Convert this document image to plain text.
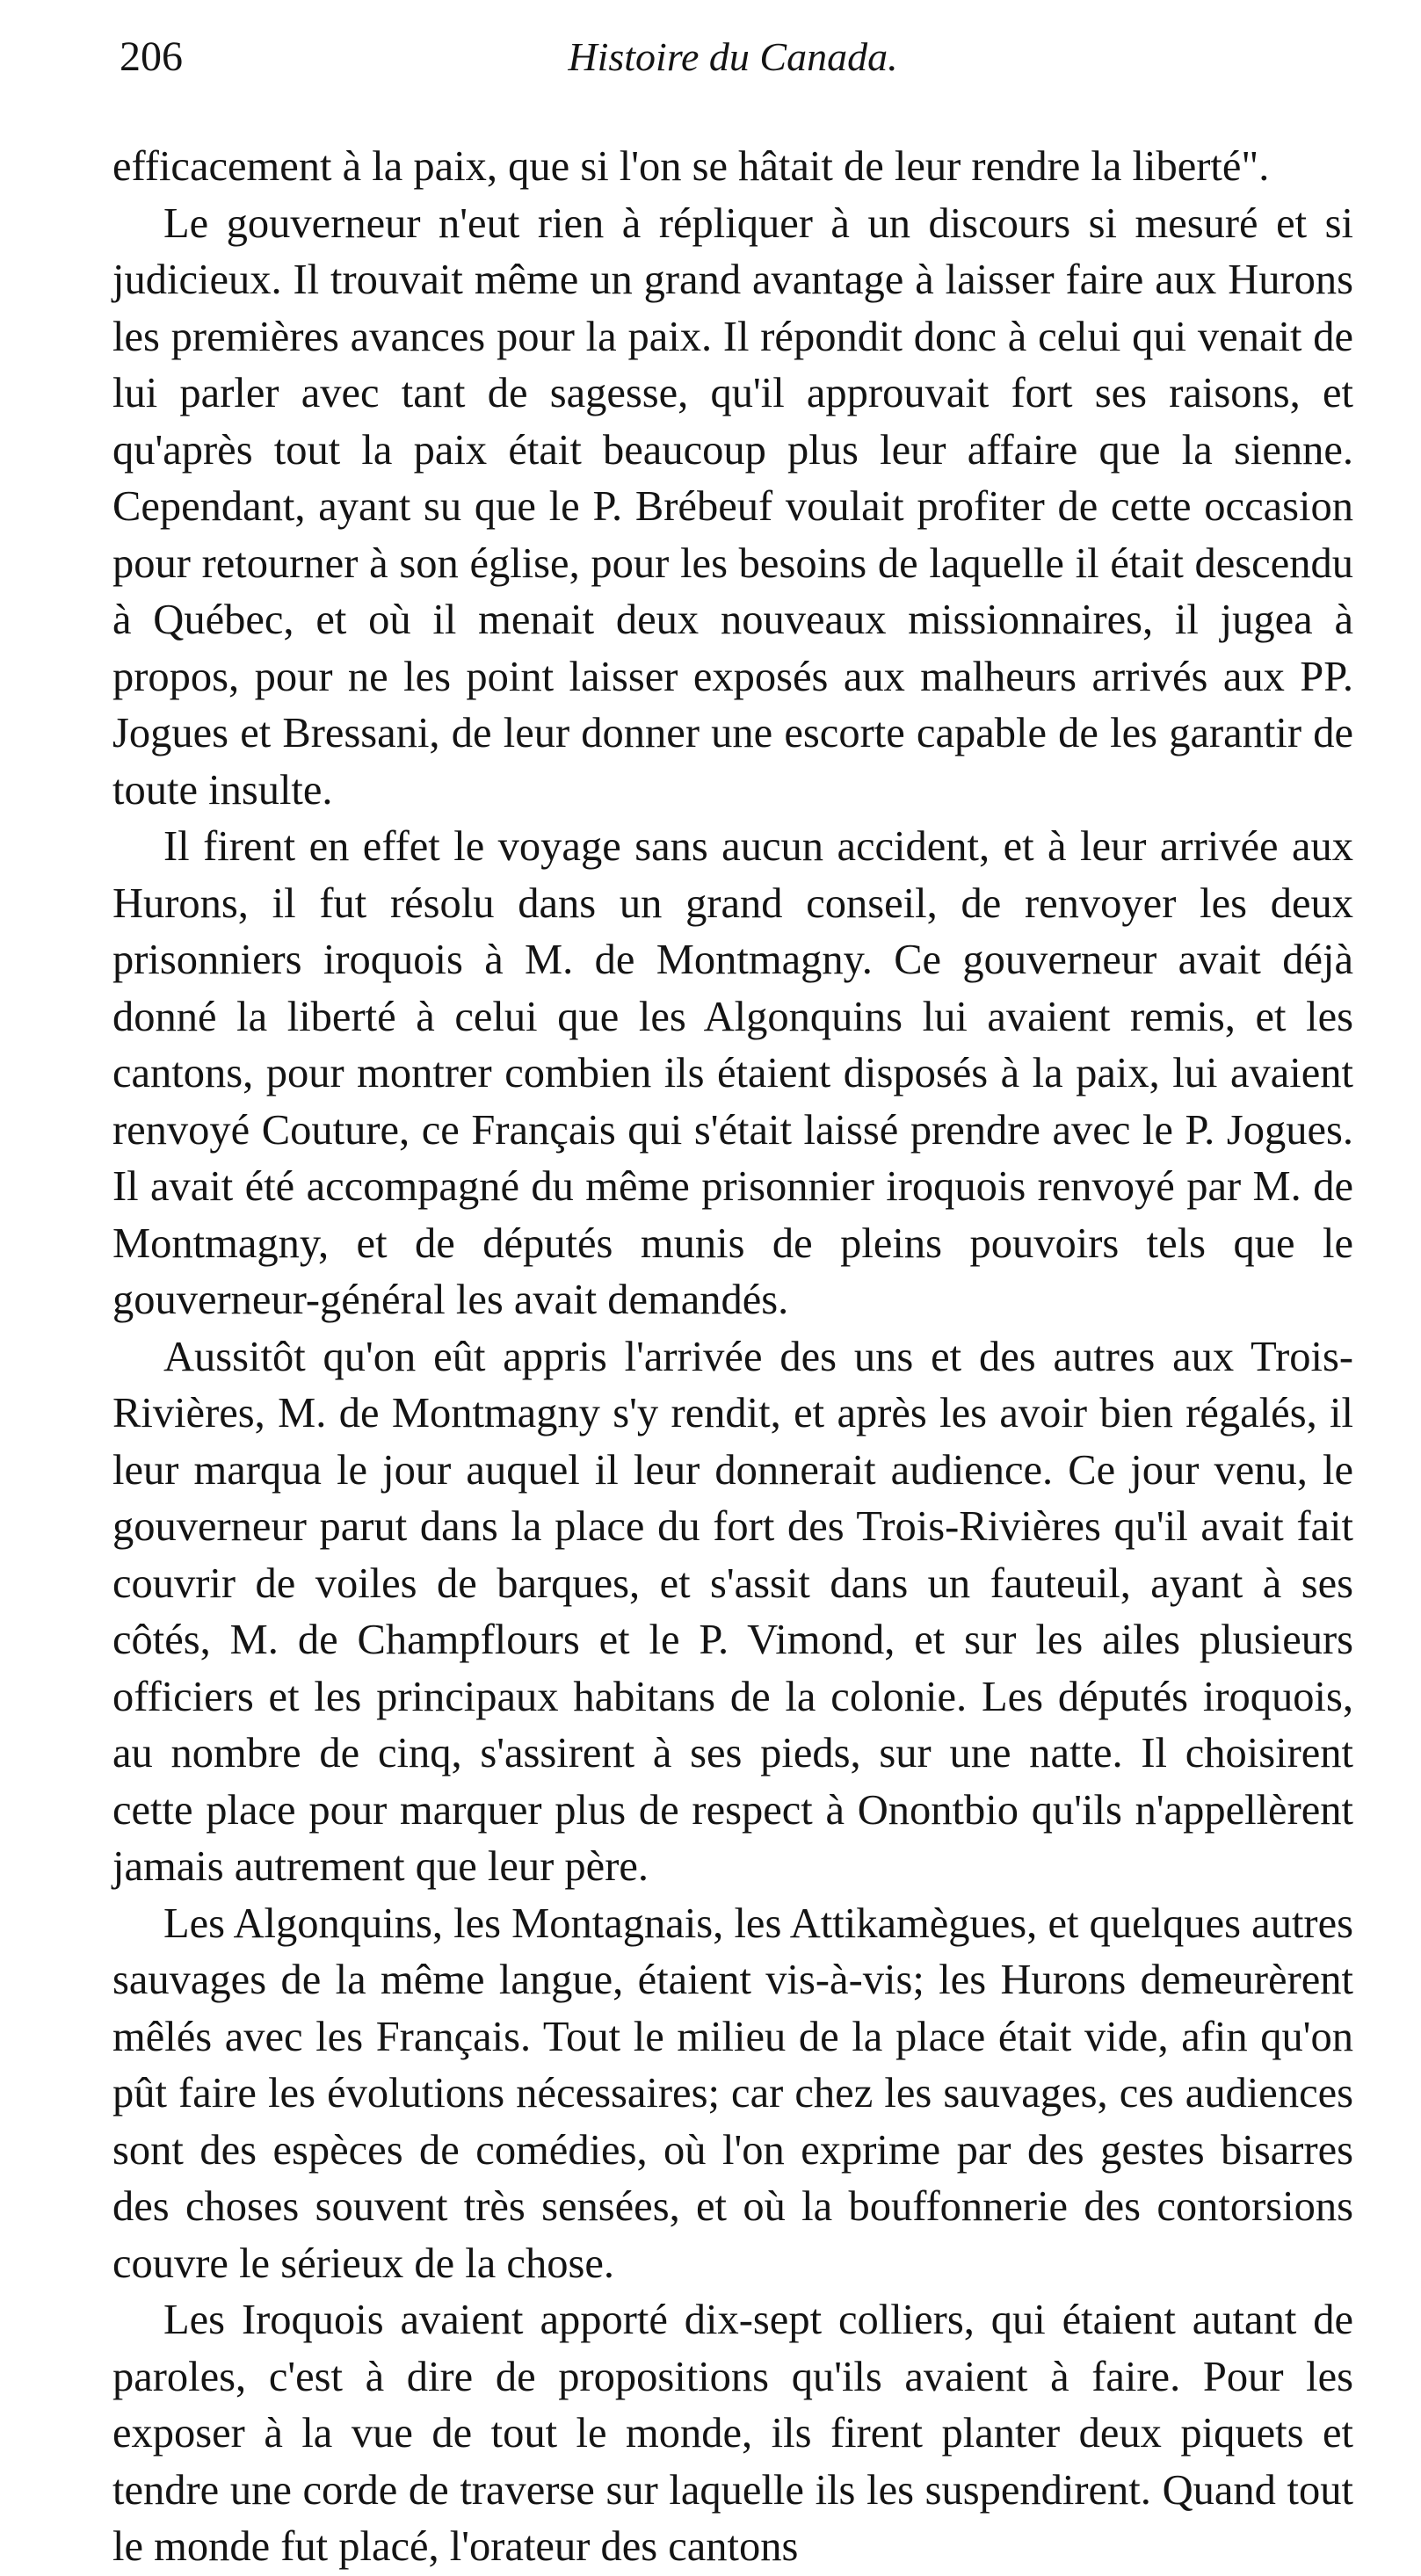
206	Histoire du Canada.

efficacement à la paix, que si l'on se hâtait de leur rendre la liberté".

Le gouverneur n'eut rien à répliquer à un discours si mesuré et si judicieux. Il trouvait même un grand avantage à laisser faire aux Hurons les premières avances pour la paix. Il répondit donc à celui qui venait de lui parler avec tant de sagesse, qu'il approuvait fort ses raisons, et qu'après tout la paix était beaucoup plus leur affaire que la sienne. Cependant, ayant su que le P. Brébeuf voulait profiter de cette occasion pour retourner à son église, pour les besoins de laquelle il était descendu à Québec, et où il menait deux nouveaux missionnaires, il jugea à propos, pour ne les point laisser exposés aux malheurs arrivés aux PP. Jogues et Bressani, de leur donner une escorte capable de les garantir de toute insulte.

Il firent en effet le voyage sans aucun accident, et à leur arrivée aux Hurons, il fut résolu dans un grand conseil, de renvoyer les deux prisonniers iroquois à M. de Montmagny. Ce gouverneur avait déjà donné la liberté à celui que les Algonquins lui avaient remis, et les cantons, pour montrer combien ils étaient disposés à la paix, lui avaient renvoyé Couture, ce Français qui s'était laissé prendre avec le P. Jogues. Il avait été accompagné du même prisonnier iroquois renvoyé par M. de Montmagny, et de députés munis de pleins pouvoirs tels que le gouverneur-général les avait demandés.

Aussitôt qu'on eût appris l'arrivée des uns et des autres aux Trois-Rivières, M. de Montmagny s'y rendit, et après les avoir bien régalés, il leur marqua le jour auquel il leur donnerait audience. Ce jour venu, le gouverneur parut dans la place du fort des Trois-Rivières qu'il avait fait couvrir de voiles de barques, et s'assit dans un fauteuil, ayant à ses côtés, M. de Champflours et le P. Vimond, et sur les ailes plusieurs officiers et les principaux habitans de la colonie. Les députés iroquois, au nombre de cinq, s'assirent à ses pieds, sur une natte. Il choisirent cette place pour marquer plus de respect à Onontbio qu'ils n'appellèrent jamais autrement que leur père.

Les Algonquins, les Montagnais, les Attikamègues, et quelques autres sauvages de la même langue, étaient vis-à-vis; les Hurons demeurèrent mêlés avec les Français. Tout le milieu de la place était vide, afin qu'on pût faire les évolutions nécessaires; car chez les sauvages, ces audiences sont des espèces de comédies, où l'on exprime par des gestes bisarres des choses souvent très sensées, et où la bouffonnerie des contorsions couvre le sérieux de la chose.

Les Iroquois avaient apporté dix-sept colliers, qui étaient autant de paroles, c'est à dire de propositions qu'ils avaient à faire. Pour les exposer à la vue de tout le monde, ils firent planter deux piquets et tendre une corde de traverse sur laquelle ils les suspendirent. Quand tout le monde fut placé, l'orateur des cantons
